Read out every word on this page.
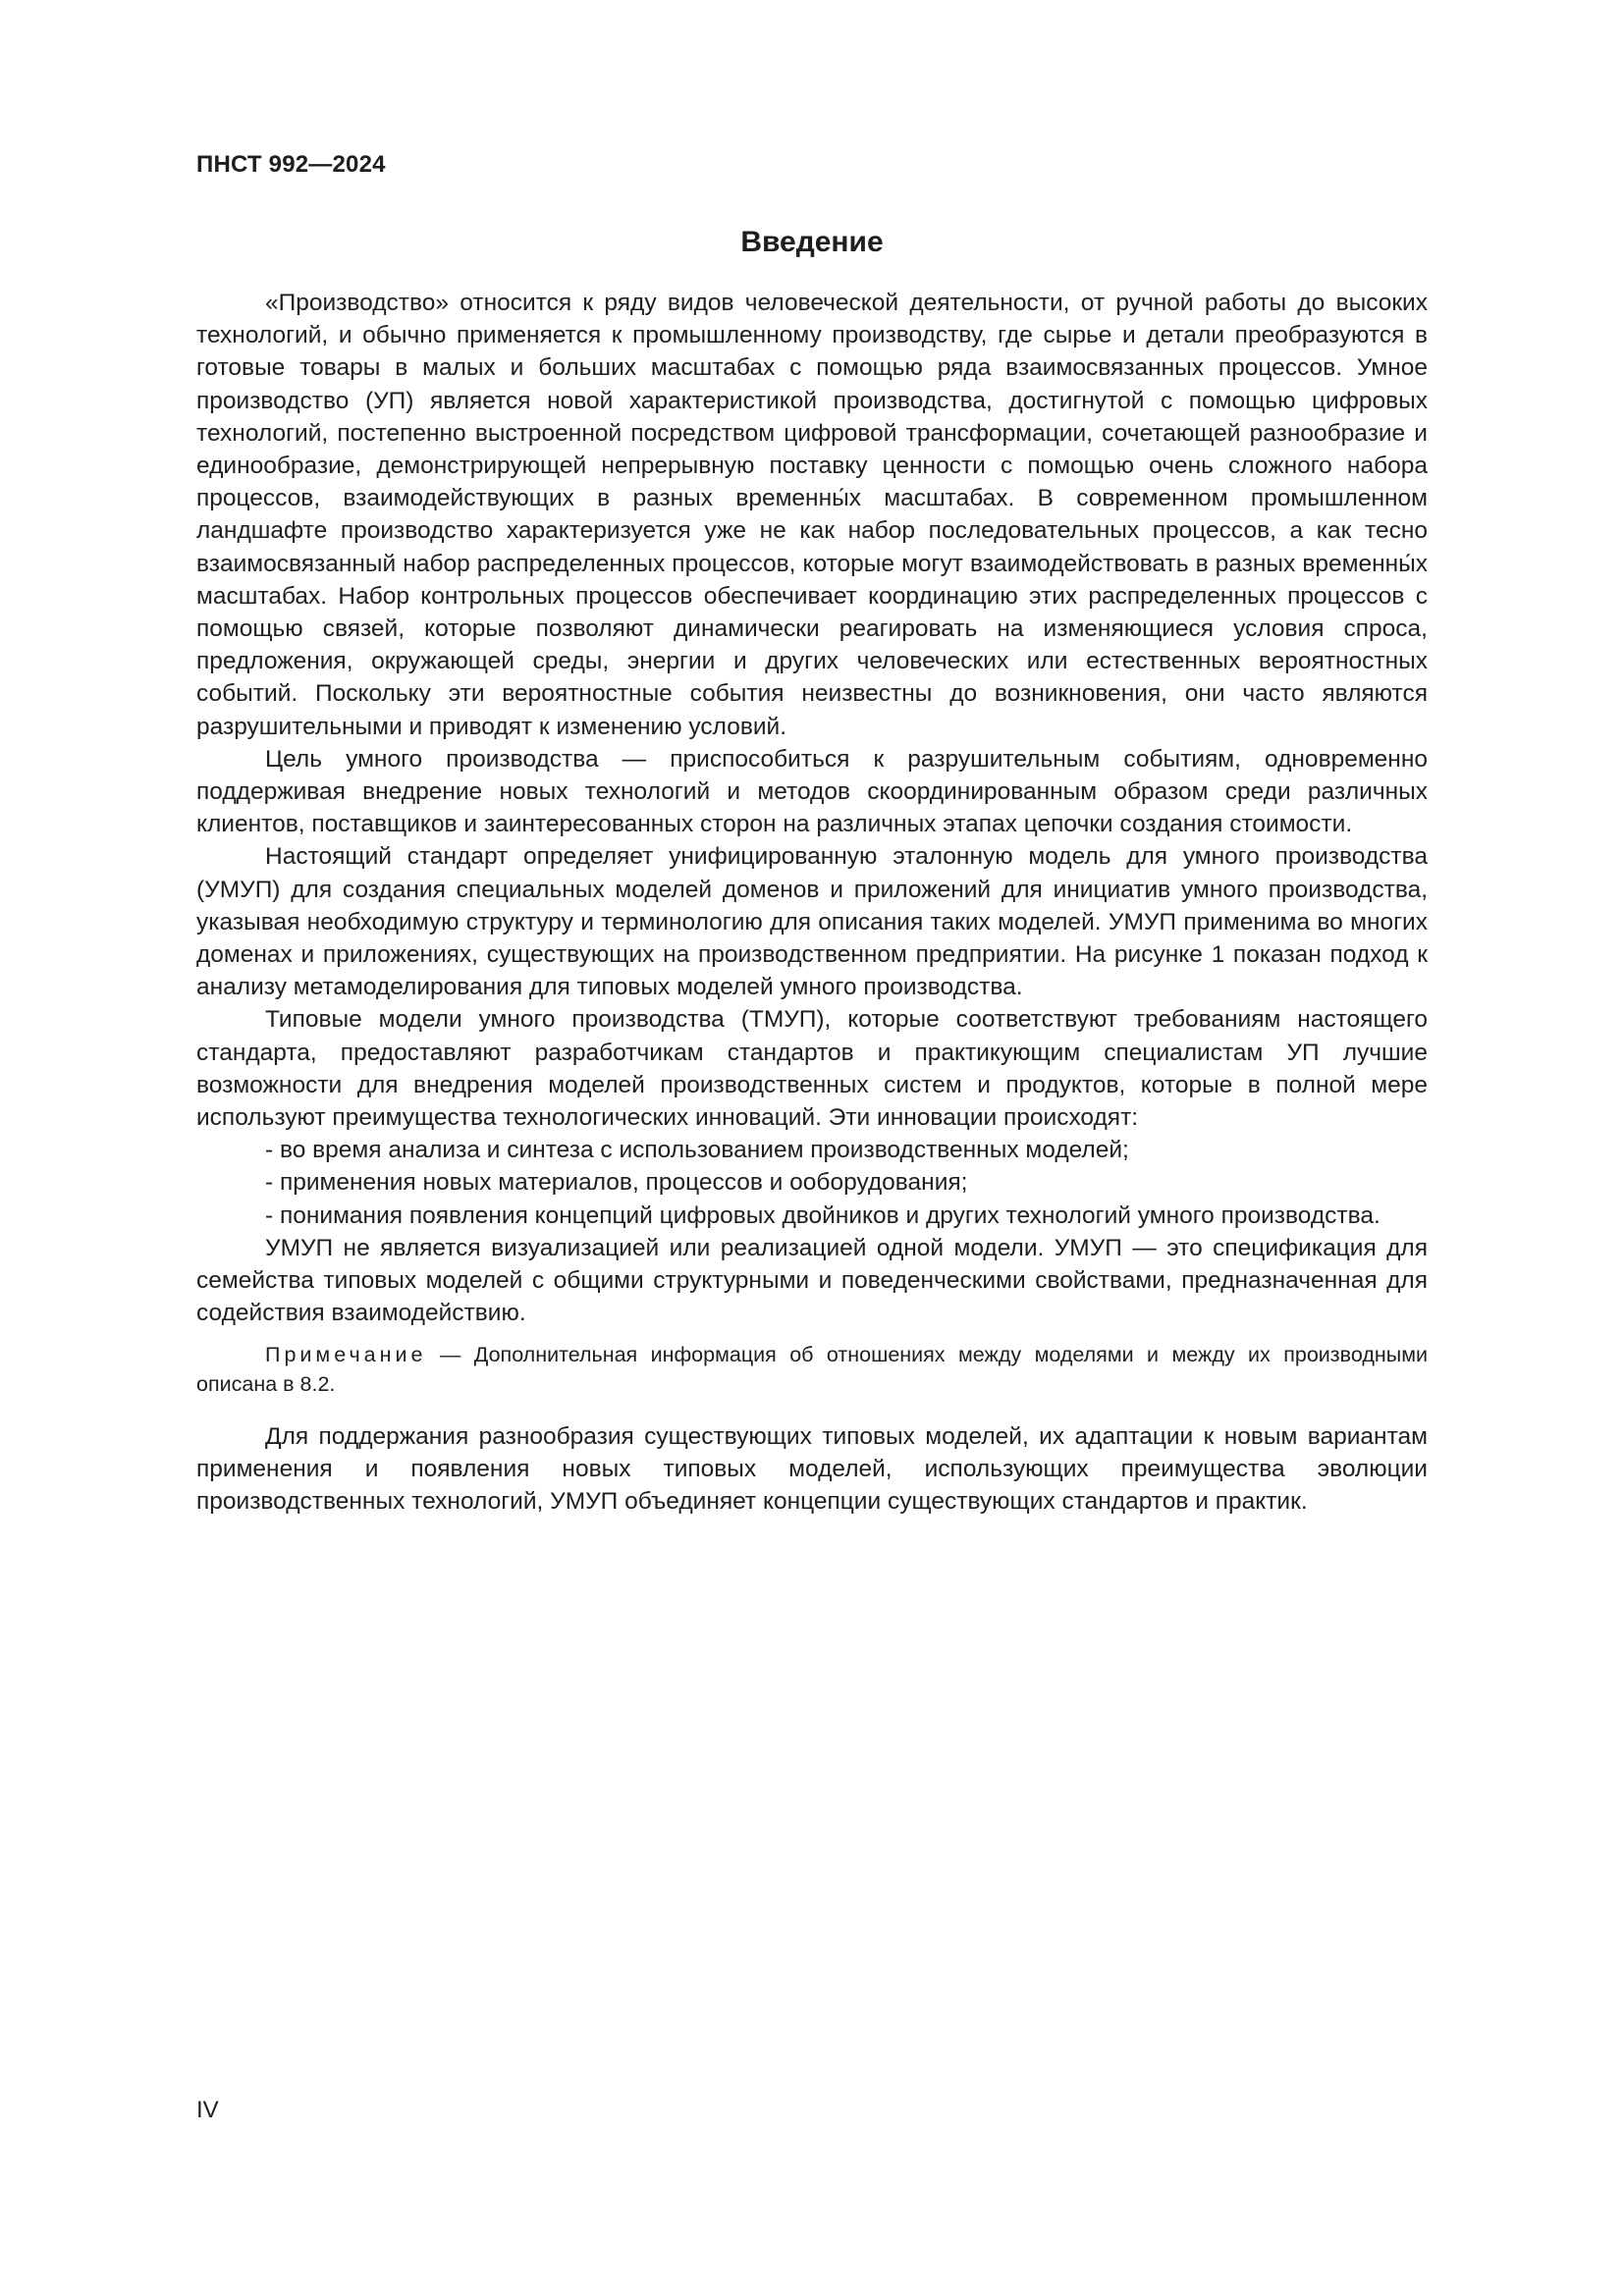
ПНСТ 992—2024
Введение

«Производство» относится к ряду видов человеческой деятельности, от ручной работы до высоких технологий, и обычно применяется к промышленному производству, где сырье и детали преобразуются в готовые товары в малых и больших масштабах с помощью ряда взаимосвязанных процессов. Умное производство (УП) является новой характеристикой производства, достигнутой с помощью цифровых технологий, постепенно выстроенной посредством цифровой трансформации, сочетающей разнообразие и единообразие, демонстрирующей непрерывную поставку ценности с помощью очень сложного набора процессов, взаимодействующих в разных временны́х масштабах. В современном промышленном ландшафте производство характеризуется уже не как набор последовательных процессов, а как тесно взаимосвязанный набор распределенных процессов, которые могут взаимодействовать в разных временны́х масштабах. Набор контрольных процессов обеспечивает координацию этих распределенных процессов с помощью связей, которые позволяют динамически реагировать на изменяющиеся условия спроса, предложения, окружающей среды, энергии и других человеческих или естественных вероятностных событий. Поскольку эти вероятностные события неизвестны до возникновения, они часто являются разрушительными и приводят к изменению условий.

Цель умного производства — приспособиться к разрушительным событиям, одновременно поддерживая внедрение новых технологий и методов скоординированным образом среди различных клиентов, поставщиков и заинтересованных сторон на различных этапах цепочки создания стоимости.

Настоящий стандарт определяет унифицированную эталонную модель для умного производства (УМУП) для создания специальных моделей доменов и приложений для инициатив умного производства, указывая необходимую структуру и терминологию для описания таких моделей. УМУП применима во многих доменах и приложениях, существующих на производственном предприятии. На рисунке 1 показан подход к анализу метамоделирования для типовых моделей умного производства.

Типовые модели умного производства (ТМУП), которые соответствуют требованиям настоящего стандарта, предоставляют разработчикам стандартов и практикующим специалистам УП лучшие возможности для внедрения моделей производственных систем и продуктов, которые в полной мере используют преимущества технологических инноваций. Эти инновации происходят:

- во время анализа и синтеза с использованием производственных моделей;

- применения новых материалов, процессов и ооборудования;

- понимания появления концепций цифровых двойников и других технологий умного производства.

УМУП не является визуализацией или реализацией одной модели. УМУП — это спецификация для семейства типовых моделей с общими структурными и поведенческими свойствами, предназначенная для содействия взаимодействию.

Примечание — Дополнительная информация об отношениях между моделями и между их производными описана в 8.2.

Для поддержания разнообразия существующих типовых моделей, их адаптации к новым вариантам применения и появления новых типовых моделей, использующих преимущества эволюции производственных технологий, УМУП объединяет концепции существующих стандартов и практик.

IV
